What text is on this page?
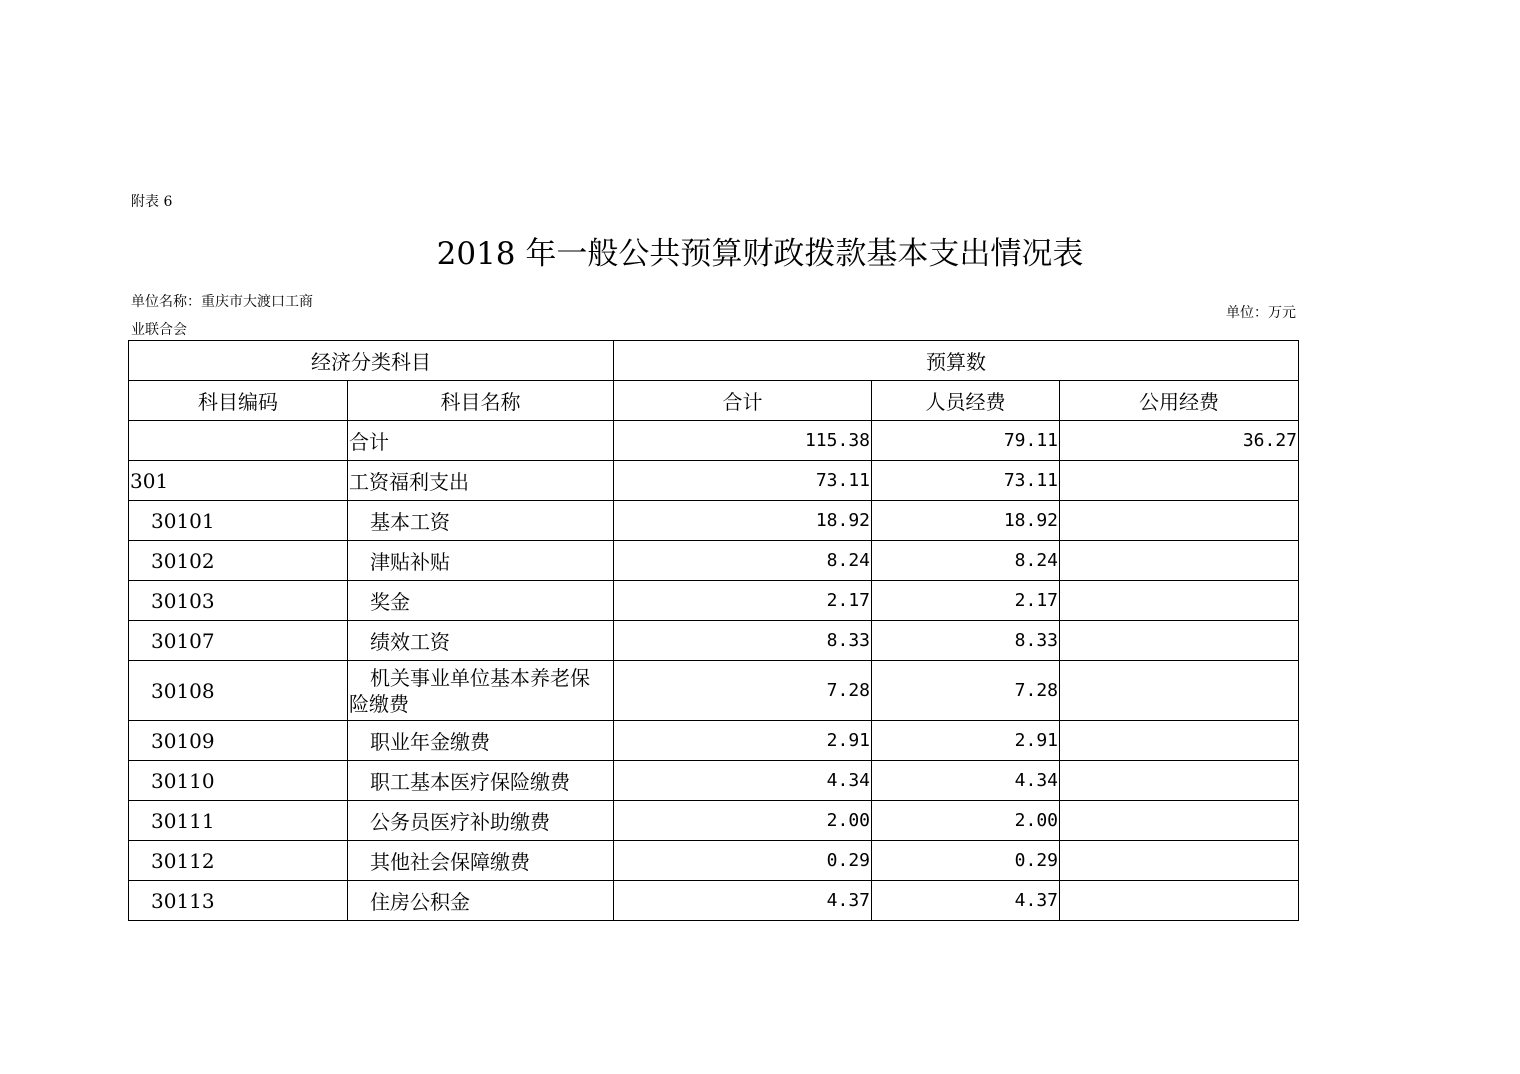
附表 6
2018 年一般公共预算财政拨款基本支出情况表
单位名称：重庆市大渡口工商
业联合会
单位：万元
经济分类科目		预算数		
科目编码	科目名称	合计	人员经费	公用经费
	合计	115.38	79.11	36.27
301	工资福利支出	73.11	73.11	
30101	基本工资	18.92	18.92	
30102	津贴补贴	8.24	8.24	
30103	奖金	2.17	2.17	
30107	绩效工资	8.33	8.33	
30108	机关事业单位基本养老保
险缴费	7.28	7.28	
30109	职业年金缴费	2.91	2.91	
30110	职工基本医疗保险缴费	4.34	4.34	
30111	公务员医疗补助缴费	2.00	2.00	
30112	其他社会保障缴费	0.29	0.29	
30113	住房公积金	4.37	4.37	
